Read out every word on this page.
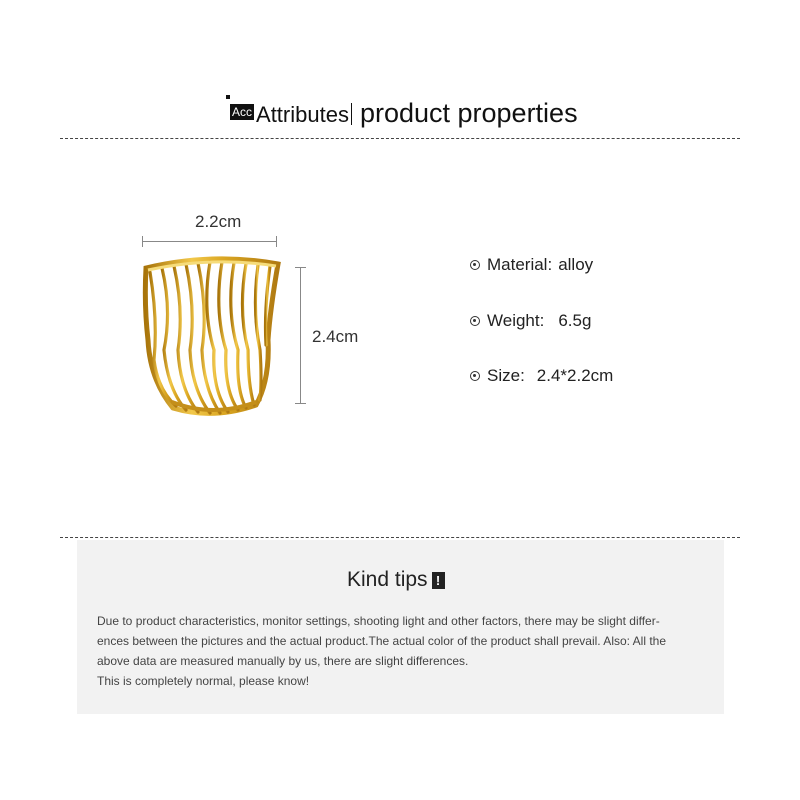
Acc Attributes product properties
2.2cm
2.4cm
Material: alloy
Weight: 6.5g
Size: 2.4*2.2cm
Kind tips !
Due to product characteristics, monitor settings, shooting light and other factors, there may be slight differ-
ences between the pictures and the actual product.The actual color of the product shall prevail. Also: All the
above data are measured manually by us, there are slight differences.
This is completely normal, please know!
